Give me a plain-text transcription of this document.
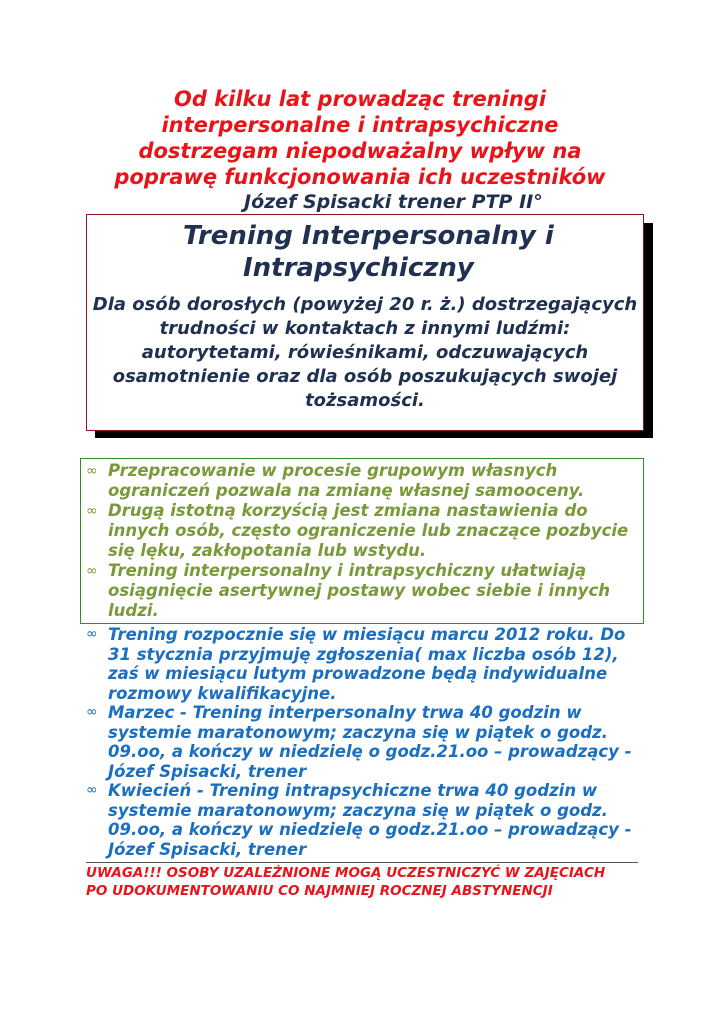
Od kilku lat prowadząc treningi
interpersonalne i intrapsychiczne
dostrzegam niepodważalny wpływ na
poprawę funkcjonowania ich uczestników
Józef Spisacki trener PTP II°
Trening Interpersonalny i
Intrapsychiczny
Dla osób dorosłych (powyżej 20 r. ż.) dostrzegających trudności w kontaktach z innymi ludźmi: autorytetami, rówieśnikami, odczuwających osamotnienie oraz dla osób poszukujących swojej tożsamości.
∞ Przepracowanie w procesie grupowym własnych ograniczeń pozwala na zmianę własnej samooceny.
∞ Drugą istotną korzyścią jest zmiana nastawienia do innych osób, często ograniczenie lub znaczące pozbycie się lęku, zakłopotania lub wstydu.
∞ Trening interpersonalny i intrapsychiczny ułatwiają osiągnięcie asertywnej postawy wobec siebie i innych ludzi.
∞ Trening rozpocznie się w miesiącu marcu 2012 roku. Do 31 stycznia przyjmuję zgłoszenia( max liczba osób 12), zaś w miesiącu lutym prowadzone będą indywidualne rozmowy kwalifikacyjne.
∞ Marzec - Trening interpersonalny trwa 40 godzin w systemie maratonowym; zaczyna się w piątek o godz. 09.oo, a kończy w niedzielę o godz.21.oo – prowadzący - Józef Spisacki, trener
∞ Kwiecień - Trening intrapsychiczne trwa 40 godzin w systemie maratonowym; zaczyna się w piątek o godz. 09.oo, a kończy w niedzielę o godz.21.oo – prowadzący - Józef Spisacki, trener
UWAGA!!! OSOBY UZALEŻNIONE MOGĄ UCZESTNICZYĆ W ZAJĘCIACH PO UDOKUMENTOWANIU CO NAJMNIEJ ROCZNEJ ABSTYNENCJI
